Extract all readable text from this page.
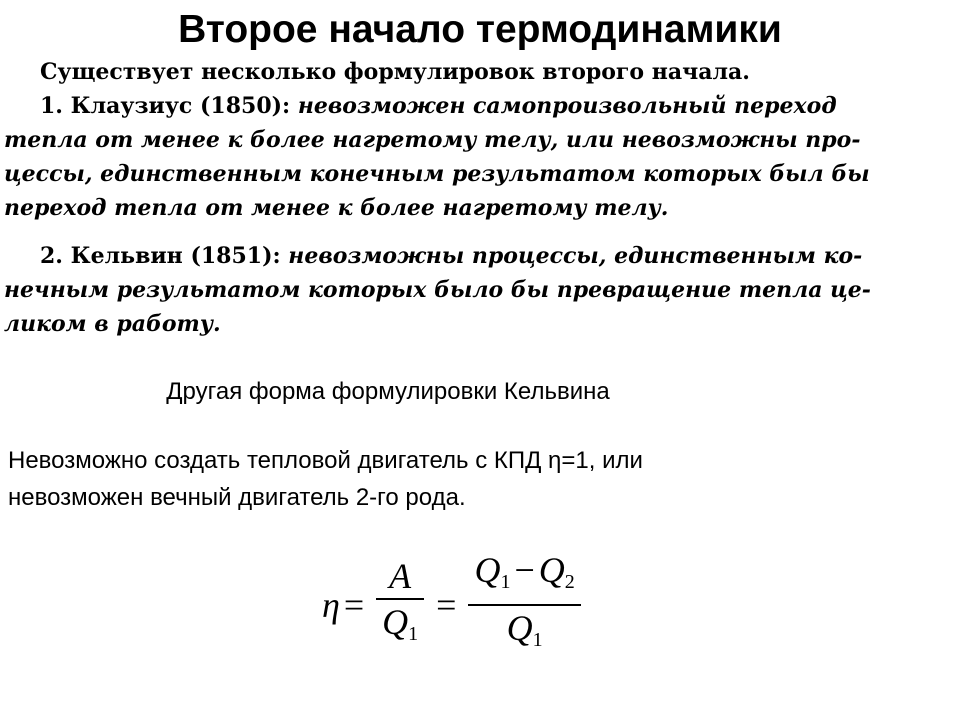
Второе начало термодинамики

Существует несколько формулировок второго начала.

1. Клаузиус (1850): невозможен самопроизвольный переход

тепла от менее к более нагретому телу, или невозможны про-

цессы, единственным конечным результатом которых был бы

переход тепла от менее к более нагретому телу.

2. Кельвин (1851): невозможны процессы, единственным ко-

нечным результатом которых было бы превращение тепла це-

ликом в работу.

Другая форма формулировки Кельвина

Невозможно создать тепловой двигатель с КПД η=1, или
невозможен вечный двигатель 2-го рода.
$\eta = \frac{A}{Q_1} = \frac{Q_1 - Q_2}{Q_1}$
